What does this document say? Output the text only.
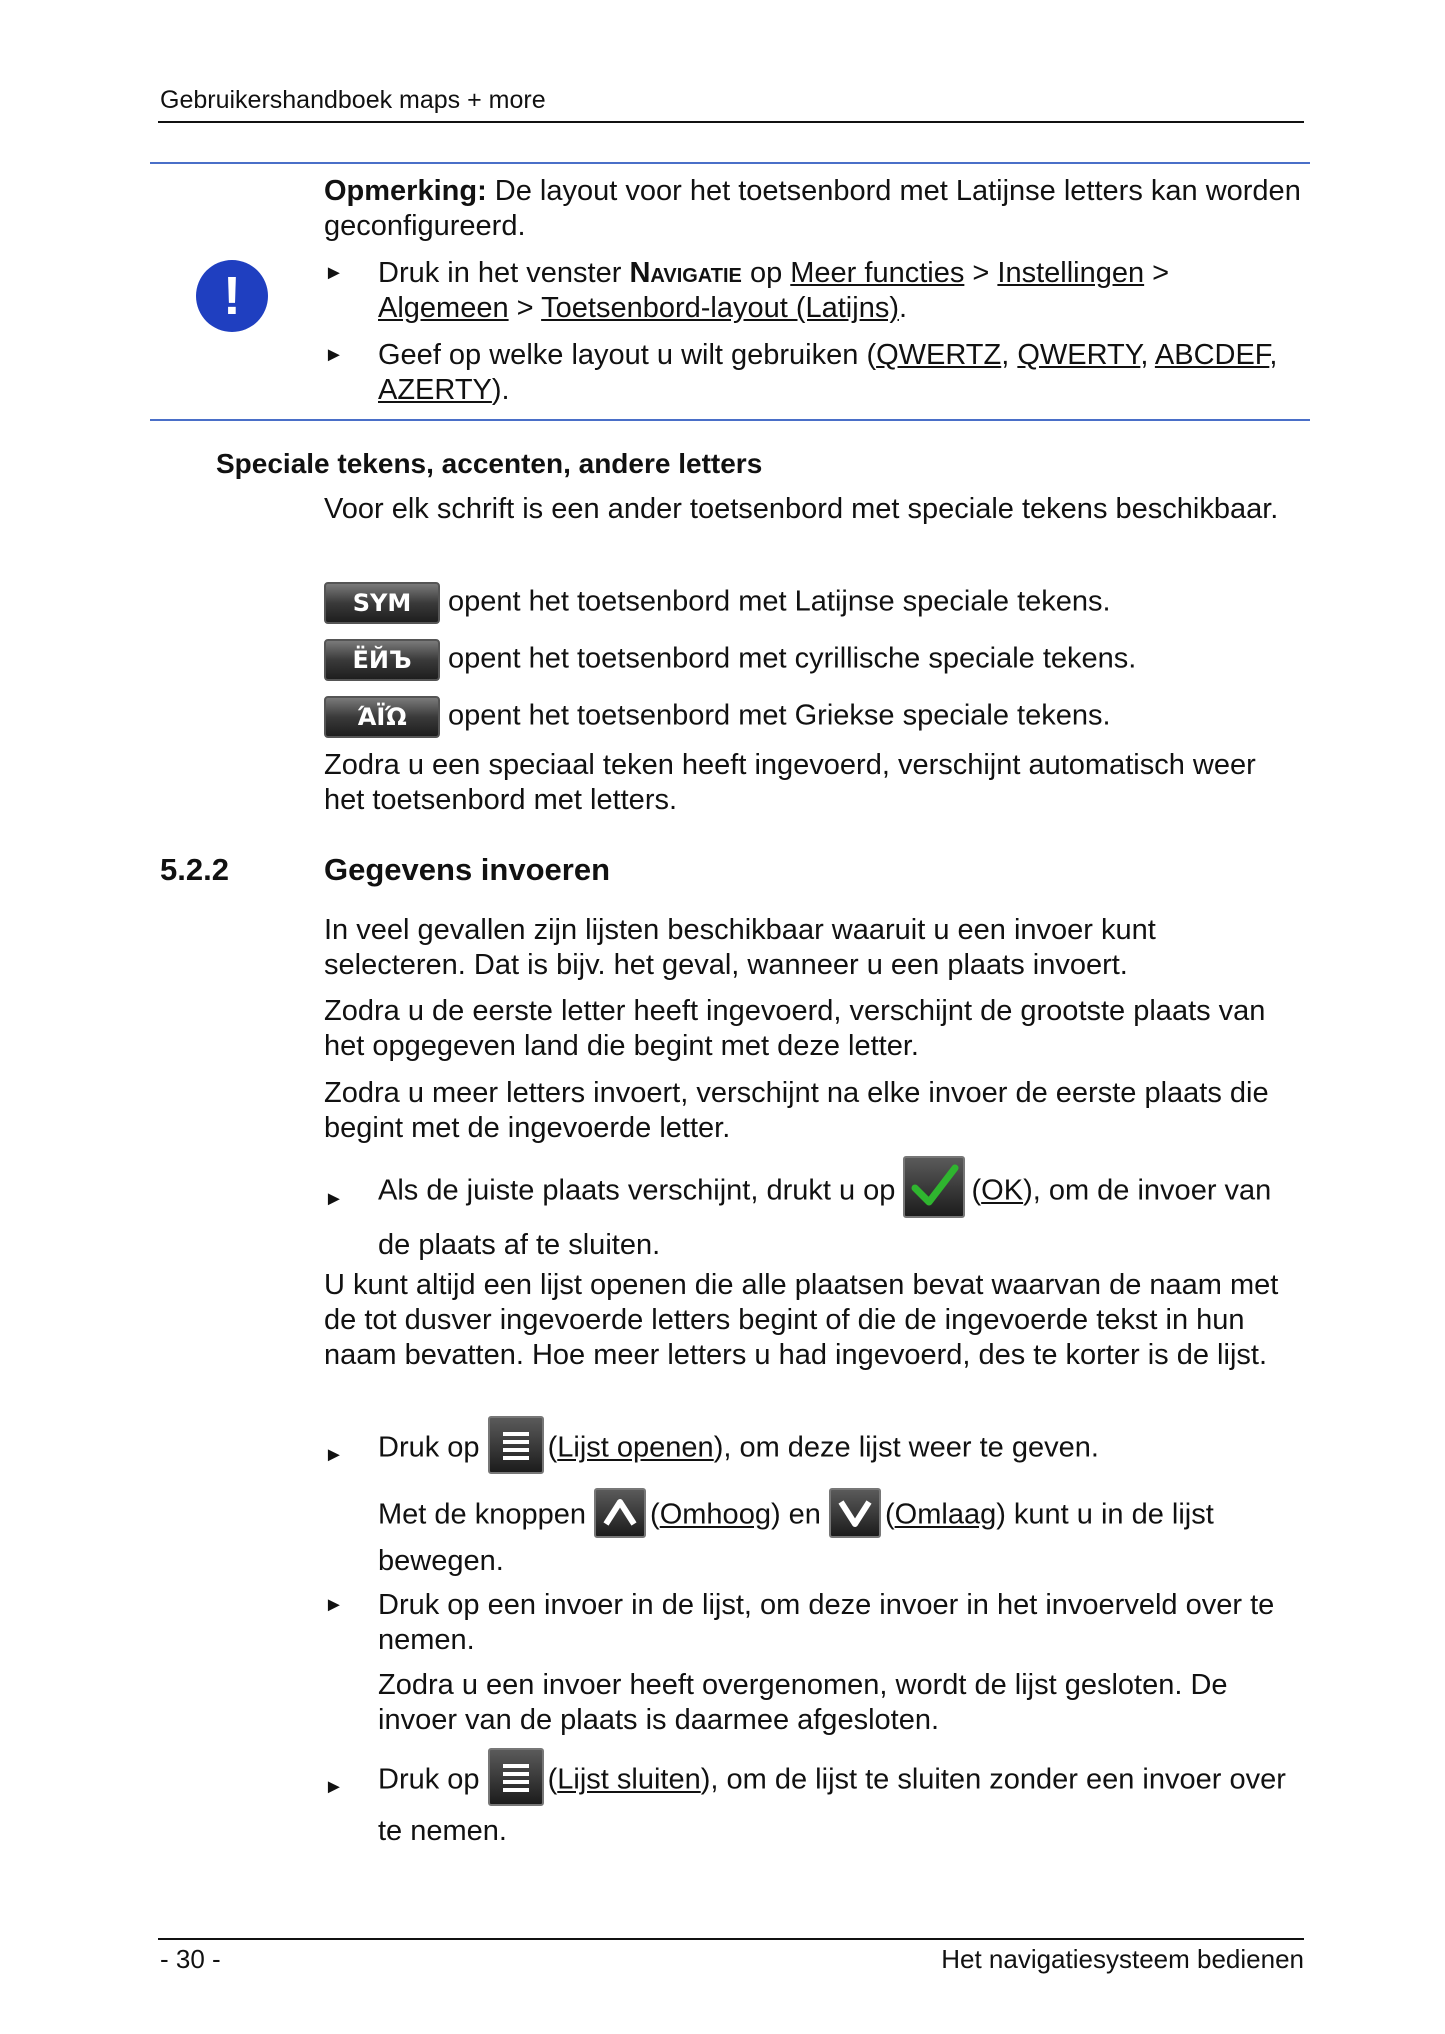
Gebruikershandboek maps + more
!
Opmerking: De layout voor het toetsenbord met Latijnse letters kan worden geconfigureerd.
► Druk in het venster Navigatie op Meer functies > Instellingen > Algemeen > Toetsenbord-layout (Latijns).
► Geef op welke layout u wilt gebruiken (QWERTZ, QWERTY, ABCDEF, AZERTY).
Speciale tekens, accenten, andere letters
Voor elk schrift is een ander toetsenbord met speciale tekens beschikbaar.
SYM opent het toetsenbord met Latijnse speciale tekens.
ЁЙЪ opent het toetsenbord met cyrillische speciale tekens.
ΆΪΏ opent het toetsenbord met Griekse speciale tekens.
Zodra u een speciaal teken heeft ingevoerd, verschijnt automatisch weer het toetsenbord met letters.
5.2.2	Gegevens invoeren
In veel gevallen zijn lijsten beschikbaar waaruit u een invoer kunt selecteren. Dat is bijv. het geval, wanneer u een plaats invoert.
Zodra u de eerste letter heeft ingevoerd, verschijnt de grootste plaats van het opgegeven land die begint met deze letter.
Zodra u meer letters invoert, verschijnt na elke invoer de eerste plaats die begint met de ingevoerde letter.
► Als de juiste plaats verschijnt, drukt u op (OK), om de invoer van de plaats af te sluiten.
U kunt altijd een lijst openen die alle plaatsen bevat waarvan de naam met de tot dusver ingevoerde letters begint of die de ingevoerde tekst in hun naam bevatten. Hoe meer letters u had ingevoerd, des te korter is de lijst.
► Druk op (Lijst openen), om deze lijst weer te geven.
Met de knoppen (Omhoog) en (Omlaag) kunt u in de lijst bewegen.
► Druk op een invoer in de lijst, om deze invoer in het invoerveld over te nemen.
Zodra u een invoer heeft overgenomen, wordt de lijst gesloten. De invoer van de plaats is daarmee afgesloten.
► Druk op (Lijst sluiten), om de lijst te sluiten zonder een invoer over te nemen.
- 30 -	Het navigatiesysteem bedienen
